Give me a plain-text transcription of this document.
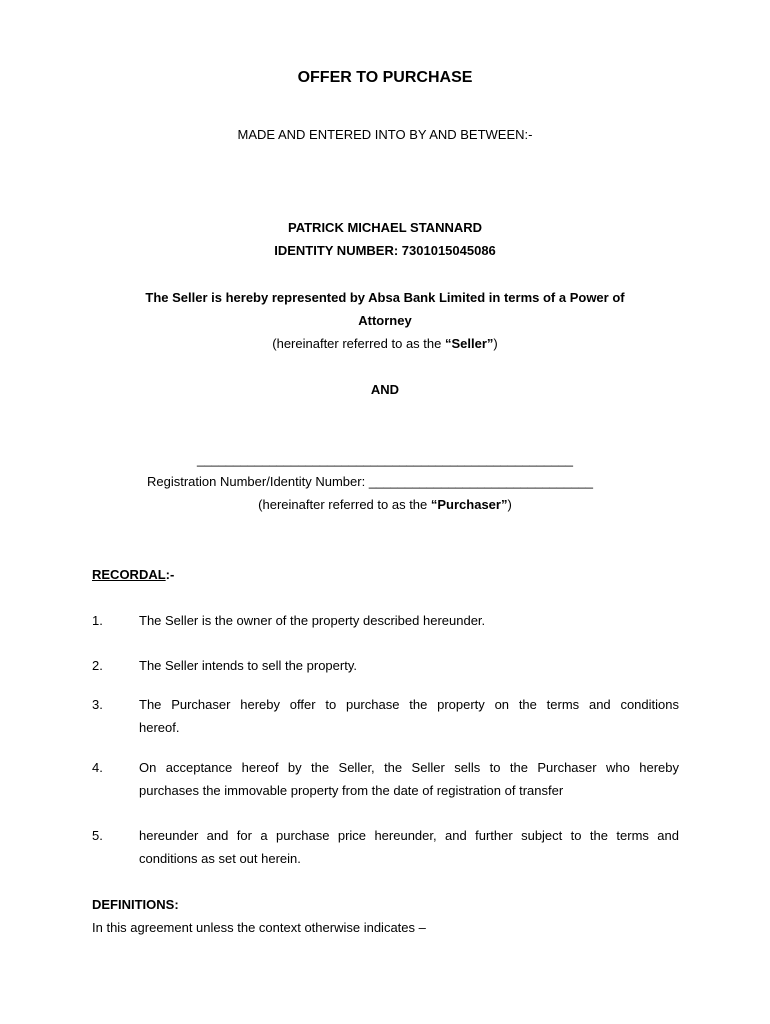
OFFER TO PURCHASE
MADE AND ENTERED INTO BY AND BETWEEN:-
PATRICK MICHAEL STANNARD
IDENTITY NUMBER: 7301015045086
The Seller is hereby represented by Absa Bank Limited in terms of a Power of
Attorney
(hereinafter referred to as the “Seller”)
AND
____________________________________________________
Registration Number/Identity Number: _______________________________
(hereinafter referred to as the “Purchaser”)
RECORDAL:-
1.	The Seller is the owner of the property described hereunder.
2.	The Seller intends to sell the property.
3.	The Purchaser hereby offer to purchase the property on the terms and conditions
hereof.
4.	On acceptance hereof by the Seller, the Seller sells to the Purchaser who hereby
purchases the immovable property from the date of registration of transfer
5.	hereunder and for a purchase price hereunder, and further subject to the terms and
conditions as set out herein.
DEFINITIONS:
In this agreement unless the context otherwise indicates –
